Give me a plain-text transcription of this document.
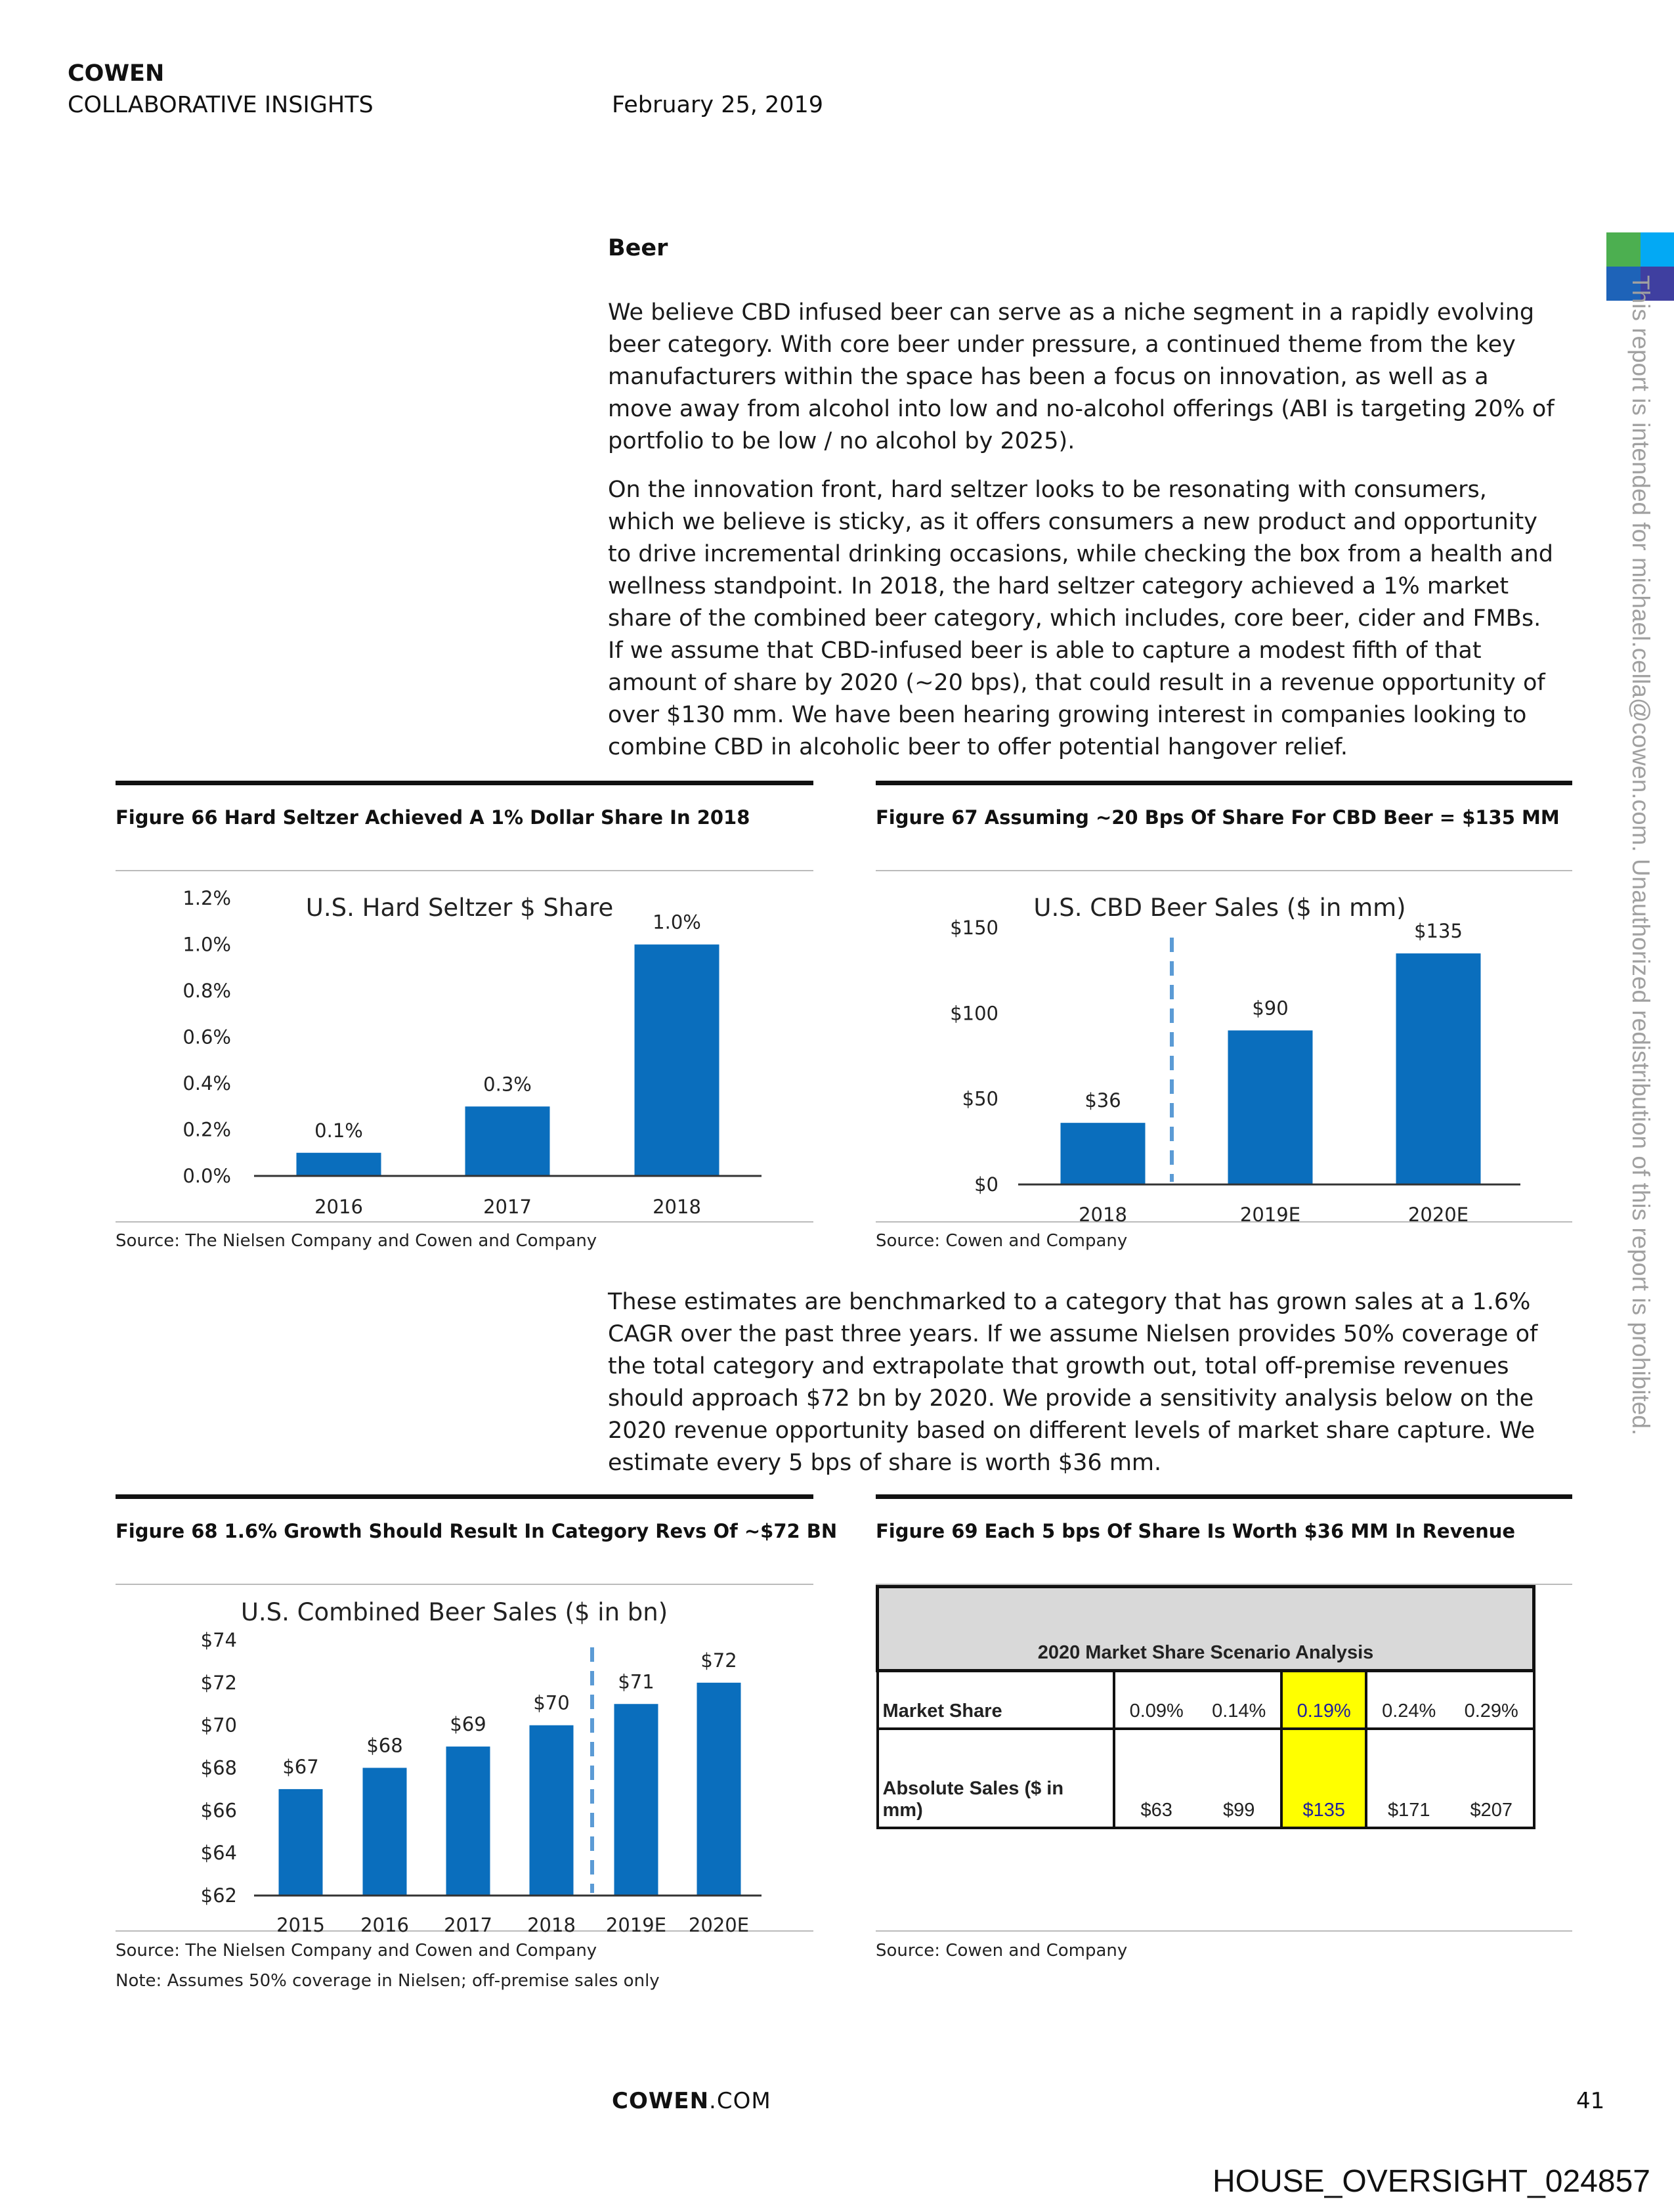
COWEN
COLLABORATIVE INSIGHTS	February 25, 2019
This report is intended for michael.cella@cowen.com. Unauthorized redistribution of this report is prohibited.
Beer

We believe CBD infused beer can serve as a niche segment in a rapidly evolving beer category. With core beer under pressure, a continued theme from the key manufacturers within the space has been a focus on innovation, as well as a move away from alcohol into low and no-alcohol offerings (ABI is targeting 20% of portfolio to be low / no alcohol by 2025).

On the innovation front, hard seltzer looks to be resonating with consumers, which we believe is sticky, as it offers consumers a new product and opportunity to drive incremental drinking occasions, while checking the box from a health and wellness standpoint. In 2018, the hard seltzer category achieved a 1% market share of the combined beer category, which includes, core beer, cider and FMBs. If we assume that CBD-infused beer is able to capture a modest fifth of that amount of share by 2020 (~20 bps), that could result in a revenue opportunity of over $130 mm. We have been hearing growing interest in companies looking to combine CBD in alcoholic beer to offer potential hangover relief.

Figure 66 Hard Seltzer Achieved A 1% Dollar Share In 2018	Figure 67 Assuming ~20 Bps Of Share For CBD Beer = $135 MM
Source: The Nielsen Company and Cowen and Company	Source: Cowen and Company

These estimates are benchmarked to a category that has grown sales at a 1.6% CAGR over the past three years. If we assume Nielsen provides 50% coverage of the total category and extrapolate that growth out, total off-premise revenues should approach $72 bn by 2020. We provide a sensitivity analysis below on the 2020 revenue opportunity based on different levels of market share capture. We estimate every 5 bps of share is worth $36 mm.

Figure 68 1.6% Growth Should Result In Category Revs Of ~$72 BN Figure 69 Each 5 bps Of Share Is Worth $36 MM In Revenue
Source: The Nielsen Company and Cowen and Company
Note: Assumes 50% coverage in Nielsen; off-premise sales only
Source: Cowen and Company
2020 Market Share Scenario Analysis					
Market Share	0.09%	0.14%	0.19%	0.24%	0.29%
Absolute Sales ($ in mm)	$63	$99	$135	$171	$207
U.S. Hard Seltzer $ Share
0.0%
0.2%
0.4%
0.6%
0.8%
1.0%
1.2%
0.1%
2016
0.3%
2017
1.0%
2018
U.S. CBD Beer Sales ($ in mm)
$0
$50
$100
$150
$36
2018
$90
2019E
$135
2020E
U.S. Combined Beer Sales ($ in bn)
$62
$64
$66
$68
$70
$72
$74
$67
2015
$68
2016
$69
2017
$70
2018
$71
2019E
$72
2020E
COWEN.COM	41
HOUSE_OVERSIGHT_024857
